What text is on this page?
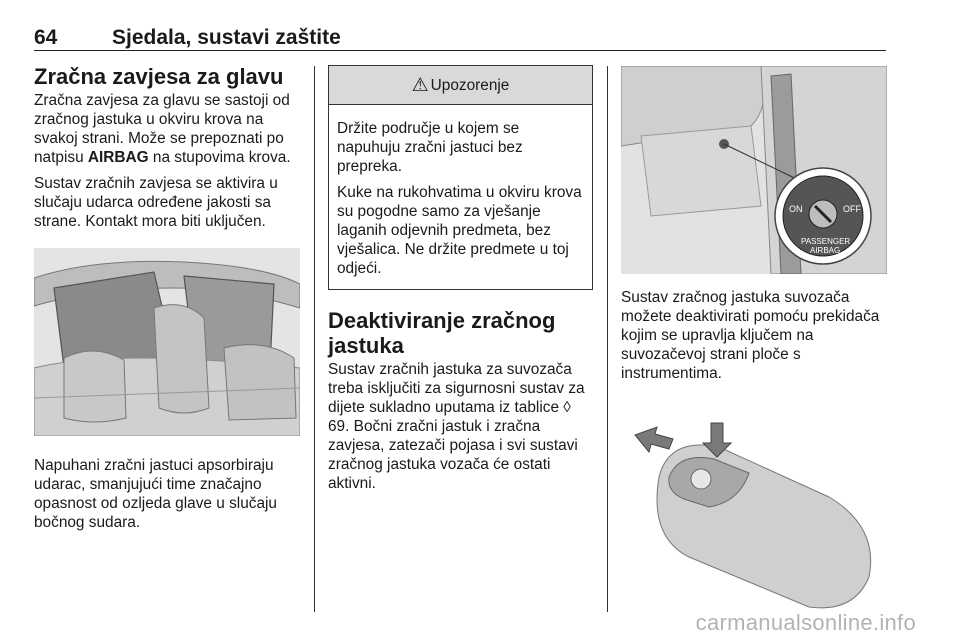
64	Sjedala, sustavi zaštite
Zračna zavjesa za glavu

Zračna zavjesa za glavu se sastoji od zračnog jastuka u okviru krova na svakoj strani. Može se prepoznati po natpisu AIRBAG na stupovima krova.

Sustav zračnih zavjesa se aktivira u slučaju udarca određene jakosti sa strane. Kontakt mora biti uključen.

Napuhani zračni jastuci apsorbiraju udarac, smanjujući time značajno opasnost od ozljeda glave u slučaju bočnog sudara.

⚠ Upozorenje

Držite područje u kojem se napuhuju zračni jastuci bez prepreka.

Kuke na rukohvatima u okviru krova su pogodne samo za vješanje laganih odjevnih predmeta, bez vješalica. Ne držite predmete u toj odjeći.

Deaktiviranje zračnog jastuka

Sustav zračnih jastuka za suvozača treba isključiti za sigurnosni sustav za dijete sukladno uputama iz tablice ◊ 69. Bočni zračni jastuk i zračna zavjesa, zatezači pojasa i svi sustavi zračnog jastuka vozača će ostati aktivni.

ON	OFF
PASSENGER
AIRBAG

Sustav zračnog jastuka suvozača možete deaktivirati pomoću prekidača kojim se upravlja ključem na suvozačevoj strani ploče s instrumentima.

carmanualsonline.info
